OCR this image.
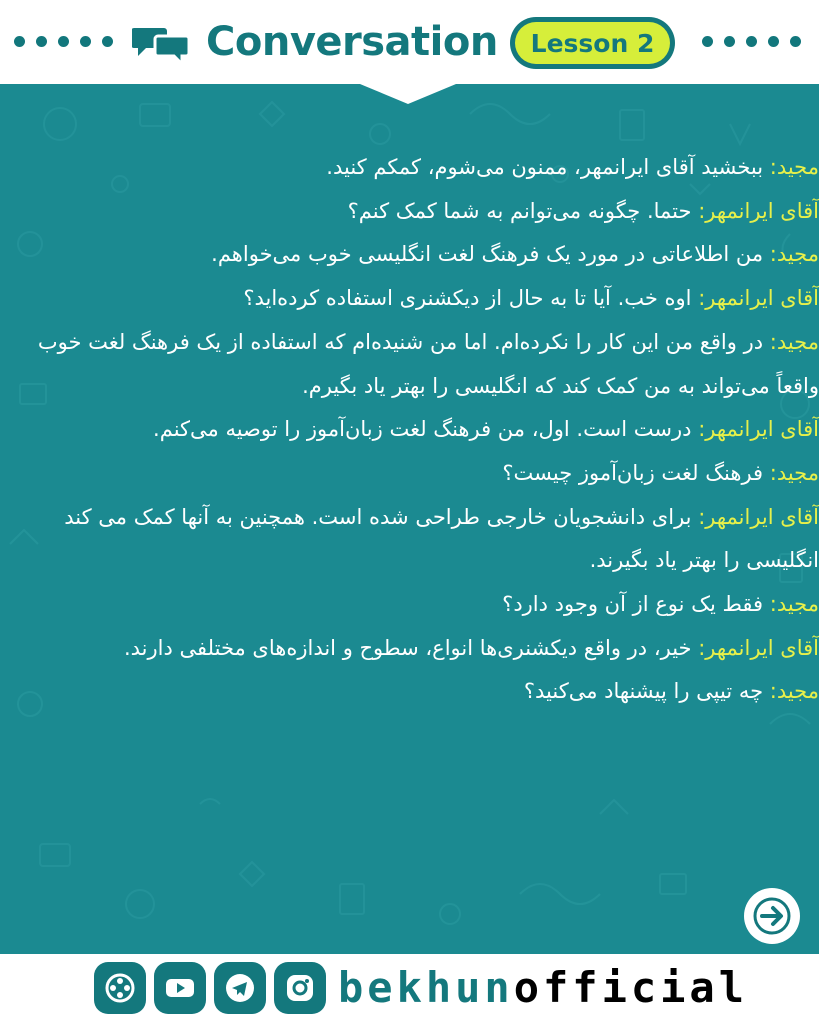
Conversation	Lesson 2

مجید: ببخشید آقای ایرانمهر، ممنون می‌شوم، کمکم کنید.

آقای ایرانمهر: حتما. چگونه می‌توانم به شما کمک کنم؟

مجید: من اطلاعاتی در مورد یک فرهنگ لغت انگلیسی خوب می‌خواهم.

آقای ایرانمهر: اوه خب. آیا تا به حال از دیکشنری استفاده کرده‌اید؟

مجید: در واقع من این کار را نکرده‌ام. اما من شنیده‌ام که استفاده از یک فرهنگ لغت خوب واقعاً می‌تواند به من کمک کند که انگلیسی را بهتر یاد بگیرم.

آقای ایرانمهر: درست است. اول، من فرهنگ لغت زبان‌آموز را توصیه می‌کنم.

مجید: فرهنگ لغت زبان‌آموز چیست؟

آقای ایرانمهر: برای دانشجویان خارجی طراحی شده است. همچنین به آنها کمک می کند انگلیسی را بهتر یاد بگیرند.

مجید: فقط یک نوع از آن وجود دارد؟

آقای ایرانمهر: خیر، در واقع دیکشنری‌ها انواع، سطوح و اندازه‌های مختلفی دارند.

مجید: چه تیپی را پیشنهاد می‌کنید؟

bekhunofficial
